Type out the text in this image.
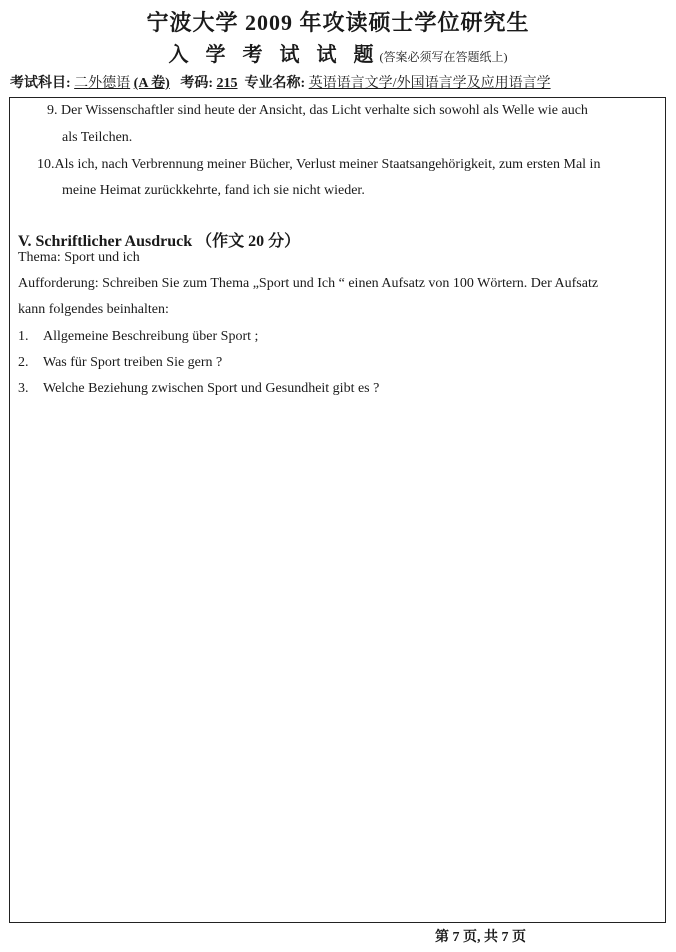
宁波大学 2009 年攻读硕士学位研究生
入 学 考 试 试 题(答案必须写在答题纸上)
考试科目: 二外德语 (A 卷) 考码: 215 专业名称: 英语语言文学/外国语言学及应用语言学
9. Der Wissenschaftler sind heute der Ansicht, das Licht verhalte sich sowohl als Welle wie auch
als Teilchen.
10.Als ich, nach Verbrennung meiner Bücher, Verlust meiner Staatsangehörigkeit, zum ersten Mal in
meine Heimat zurückkehrte, fand ich sie nicht wieder.
V. Schriftlicher Ausdruck （作文 20 分）
Thema: Sport und ich
Aufforderung: Schreiben Sie zum Thema „Sport und Ich “ einen Aufsatz von 100 Wörtern. Der Aufsatz
kann folgendes beinhalten:
1. Allgemeine Beschreibung über Sport ;
2. Was für Sport treiben Sie gern ?
3. Welche Beziehung zwischen Sport und Gesundheit gibt es ?
第 7 页, 共 7 页
